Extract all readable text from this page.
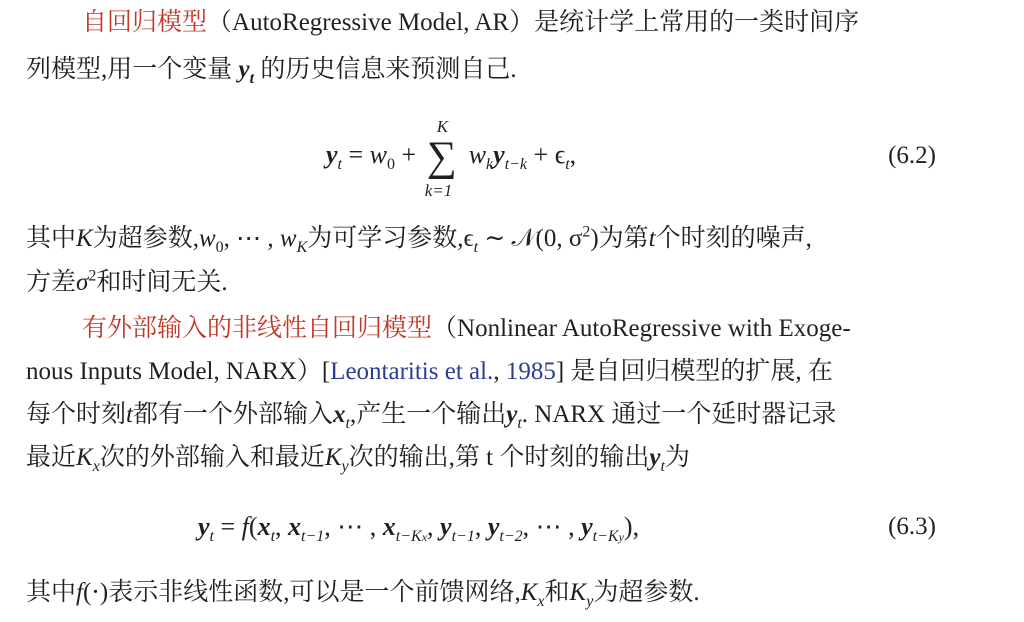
自回归模型（AutoRegressive Model, AR）是统计学上常用的一类时间序
列模型,用一个变量 $y_t$ 的历史信息来预测自己.
$y_t = w_0$ +
K
∑
k=1
$w_ky_{t-k} + \epsilon_t$,	(6.2)
其中K为超参数$,w_0$, ⋯ , $w_K$为可学习参数$,\epsilon_t$ ∼ 𝒩(0, $\sigma^2$)为第t个时刻的噪声,
方差$\sigma^2$和时间无关.
有外部输入的非线性自回归模型（Nonlinear AutoRegressive with Exoge-
nous Inputs Model, NARX）[Leontaritis et al., 1985] 是自回归模型的扩展, 在
每个时刻t都有一个外部输入$x_t$,产生一个输出$y_t$. NARX 通过一个延时器记录
最近$K_x$次的外部输入和最近$K_y$次的输出,第 t 个时刻的输出$y_t$为
$y_t = f(x_t$, $x_{t-1}$, ⋯ , $x_{t-Kx}$, $y_{t-1}$, $y_{t-2}$, ⋯ , $y_{t-Ky}$),	(6.3)
其中f(⋅)表示非线性函数,可以是一个前馈网络$,K_x$和$K_y$为超参数.
